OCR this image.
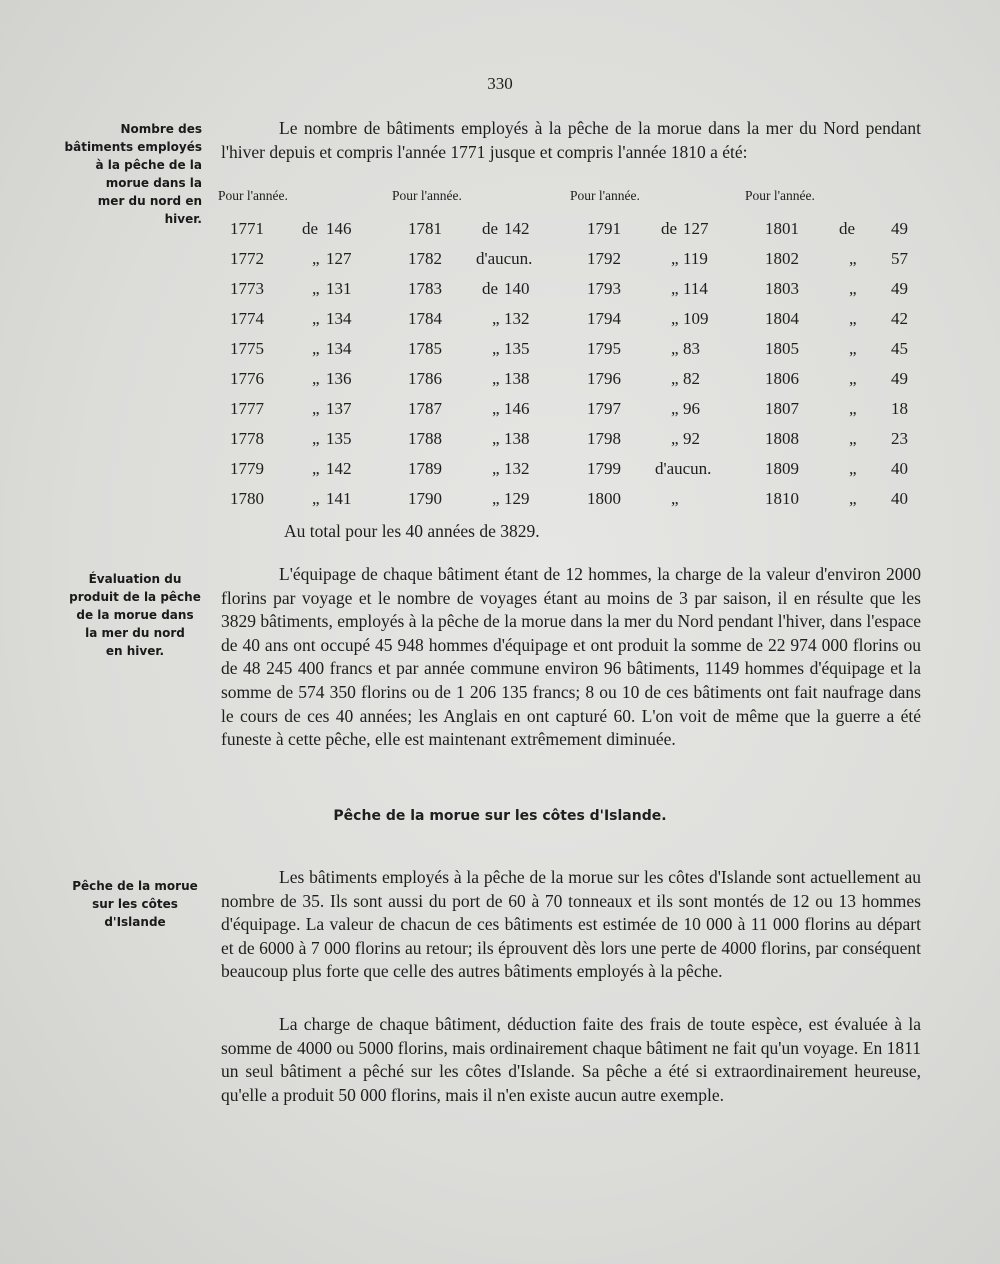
330
Nombre des
bâtiments employés
à la pêche de la
morue dans la
mer du nord en
hiver.
Évaluation du
produit de la pêche
de la morue dans
la mer du nord
en hiver.
Pêche de la morue
sur les côtes
d'Islande

Le nombre de bâtiments employés à la pêche de la morue dans la mer du Nord pendant l'hiver depuis et compris l'année 1771 jusque et compris l'année 1810 a été:

Pour l'année.	Pour l'année.	Pour l'année.	Pour l'année.
1771 de 146	1781 de 142	1791 de 127	1801 de 49
1772	„ 127	1782 d'aucun.	1792	„ 119	1802	„ 57
1773	„ 131	1783 de 140	1793	„ 114	1803	„ 49
1774	„ 134	1784	„ 132	1794	„ 109	1804	„ 42
1775	„ 134	1785	„ 135	1795	„ 83	1805	„ 45
1776	„ 136	1786	„ 138	1796	„ 82	1806	„ 49
1777	„ 137	1787	„ 146	1797	„ 96	1807	„ 18
1778	„ 135	1788	„ 138	1798	„ 92	1808	„ 23
1779	„ 142	1789	„ 132	1799 d'aucun.	1809	„ 40
1780	„ 141	1790	„ 129	1800	„	1810	„ 40
Au total pour les 40 années de 3829.

L'équipage de chaque bâtiment étant de 12 hommes, la charge de la valeur d'environ 2000 florins par voyage et le nombre de voyages étant au moins de 3 par saison, il en résulte que les 3829 bâtiments, employés à la pêche de la morue dans la mer du Nord pendant l'hiver, dans l'espace de 40 ans ont occupé 45 948 hommes d'équipage et ont produit la somme de 22 974 000 florins ou de 48 245 400 francs et par année commune environ 96 bâtiments, 1149 hommes d'équipage et la somme de 574 350 florins ou de 1 206 135 francs; 8 ou 10 de ces bâtiments ont fait naufrage dans le cours de ces 40 années; les Anglais en ont capturé 60. L'on voit de même que la guerre a été funeste à cette pêche, elle est maintenant extrêmement diminuée.

Pêche de la morue sur les côtes d'Islande.

Les bâtiments employés à la pêche de la morue sur les côtes d'Islande sont actuellement au nombre de 35. Ils sont aussi du port de 60 à 70 tonneaux et ils sont montés de 12 ou 13 hommes d'équipage. La valeur de chacun de ces bâtiments est estimée de 10 000 à 11 000 florins au départ et de 6000 à 7 000 florins au retour; ils éprouvent dès lors une perte de 4000 florins, par conséquent beaucoup plus forte que celle des autres bâtiments employés à la pêche.

La charge de chaque bâtiment, déduction faite des frais de toute espèce, est évaluée à la somme de 4000 ou 5000 florins, mais ordinairement chaque bâtiment ne fait qu'un voyage. En 1811 un seul bâtiment a pêché sur les côtes d'Islande. Sa pêche a été si extraordinairement heureuse, qu'elle a produit 50 000 florins, mais il n'en existe aucun autre exemple.
